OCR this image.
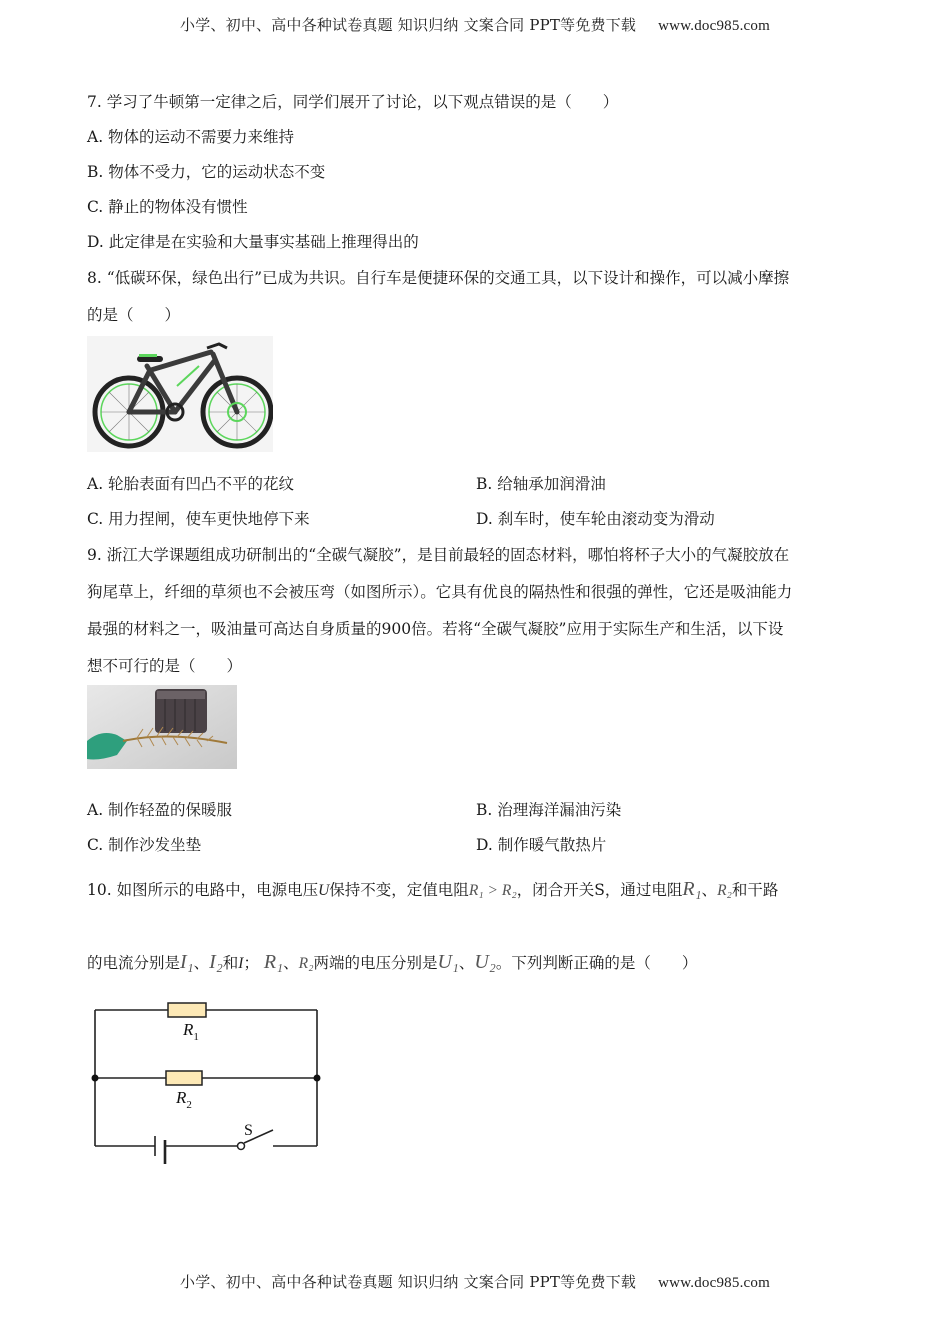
小学、初中、高中各种试卷真题 知识归纳 文案合同 PPT等免费下载 www.doc985.com
7. 学习了牛顿第一定律之后，同学们展开了讨论，以下观点错误的是（　　）
A. 物体的运动不需要力来维持
B. 物体不受力，它的运动状态不变
C. 静止的物体没有惯性
D. 此定律是在实验和大量事实基础上推理得出的
8. “低碳环保，绿色出行”已成为共识。自行车是便捷环保的交通工具，以下设计和操作，可以减小摩擦
的是（　　）
A. 轮胎表面有凹凸不平的花纹	B. 给轴承加润滑油
C. 用力捏闸，使车更快地停下来	D. 刹车时，使车轮由滚动变为滑动
9. 浙江大学课题组成功研制出的“全碳气凝胶”，是目前最轻的固态材料，哪怕将杯子大小的气凝胶放在
狗尾草上，纤细的草须也不会被压弯（如图所示）。它具有优良的隔热性和很强的弹性，它还是吸油能力
最强的材料之一，吸油量可高达自身质量的900倍。若将“全碳气凝胶”应用于实际生产和生活，以下设
想不可行的是（　　）
A. 制作轻盈的保暖服	B. 治理海洋漏油污染
C. 制作沙发坐垫	D. 制作暖气散热片
10. 如图所示的电路中，电源电压U保持不变，定值电阻R₁ > R₂，闭合开关S，通过电阻R₁、R₂和干路
的电流分别是I₁、I₂和I； R₁、R₂两端的电压分别是U₁、U₂。下列判断正确的是（　　）
$R_1$
$R_2$
S
小学、初中、高中各种试卷真题 知识归纳 文案合同 PPT等免费下载 www.doc985.com
